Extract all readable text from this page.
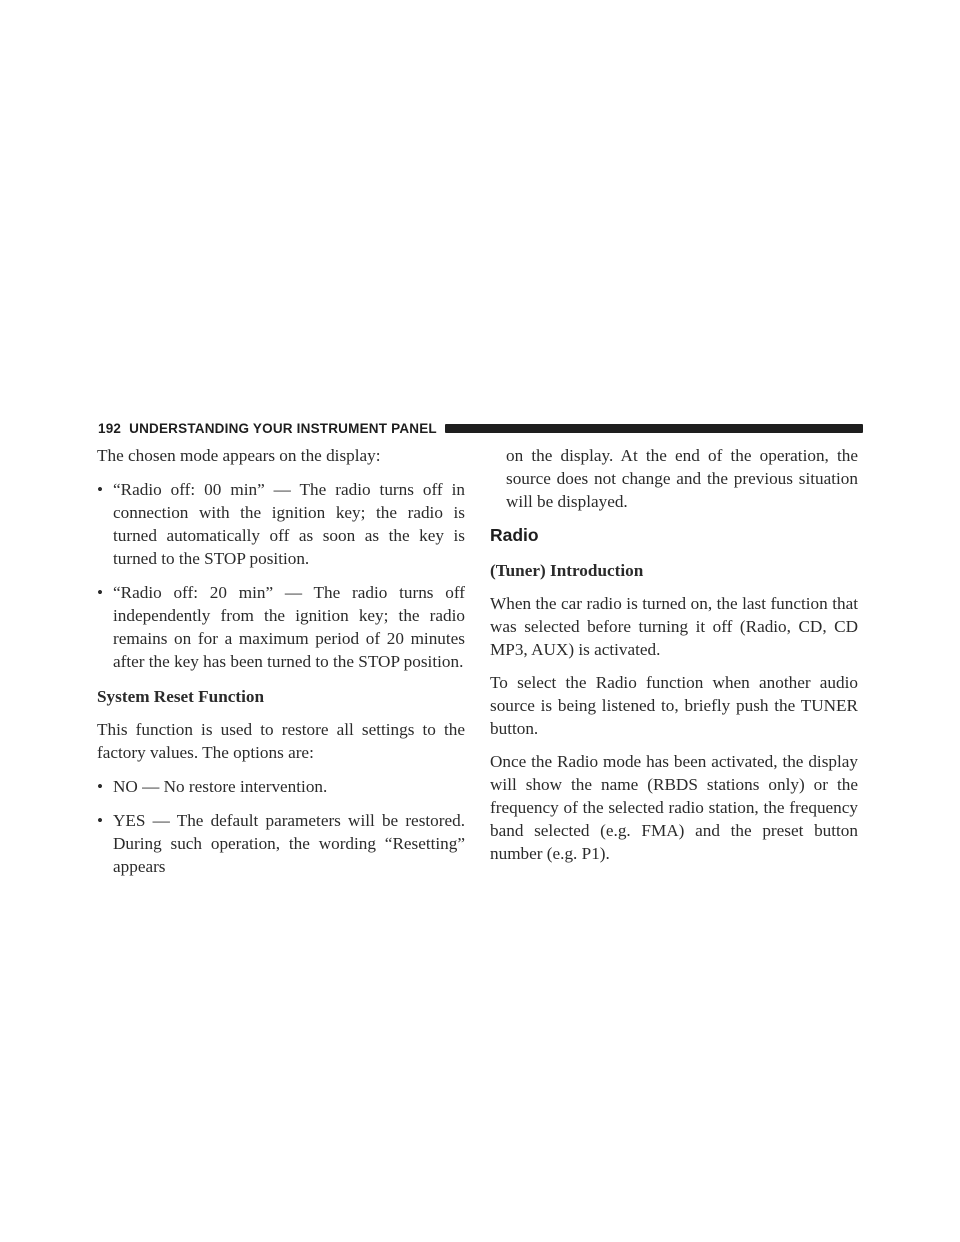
192 UNDERSTANDING YOUR INSTRUMENT PANEL

The chosen mode appears on the display:

• “Radio off: 00 min” — The radio turns off in connection with the ignition key; the radio is turned automatically off as soon as the key is turned to the STOP position.
• “Radio off: 20 min” — The radio turns off independently from the ignition key; the radio remains on for a maximum period of 20 minutes after the key has been turned to the STOP position.

System Reset Function

This function is used to restore all settings to the factory values. The options are:

• NO — No restore intervention.
• YES — The default parameters will be restored. During such operation, the wording “Resetting” appears

on the display. At the end of the operation, the source does not change and the previous situation will be displayed.

Radio

(Tuner) Introduction

When the car radio is turned on, the last function that was selected before turning it off (Radio, CD, CD MP3, AUX) is activated.

To select the Radio function when another audio source is being listened to, briefly push the TUNER button.

Once the Radio mode has been activated, the display will show the name (RBDS stations only) or the frequency of the selected radio station, the frequency band selected (e.g. FMA) and the preset button number (e.g. P1).
